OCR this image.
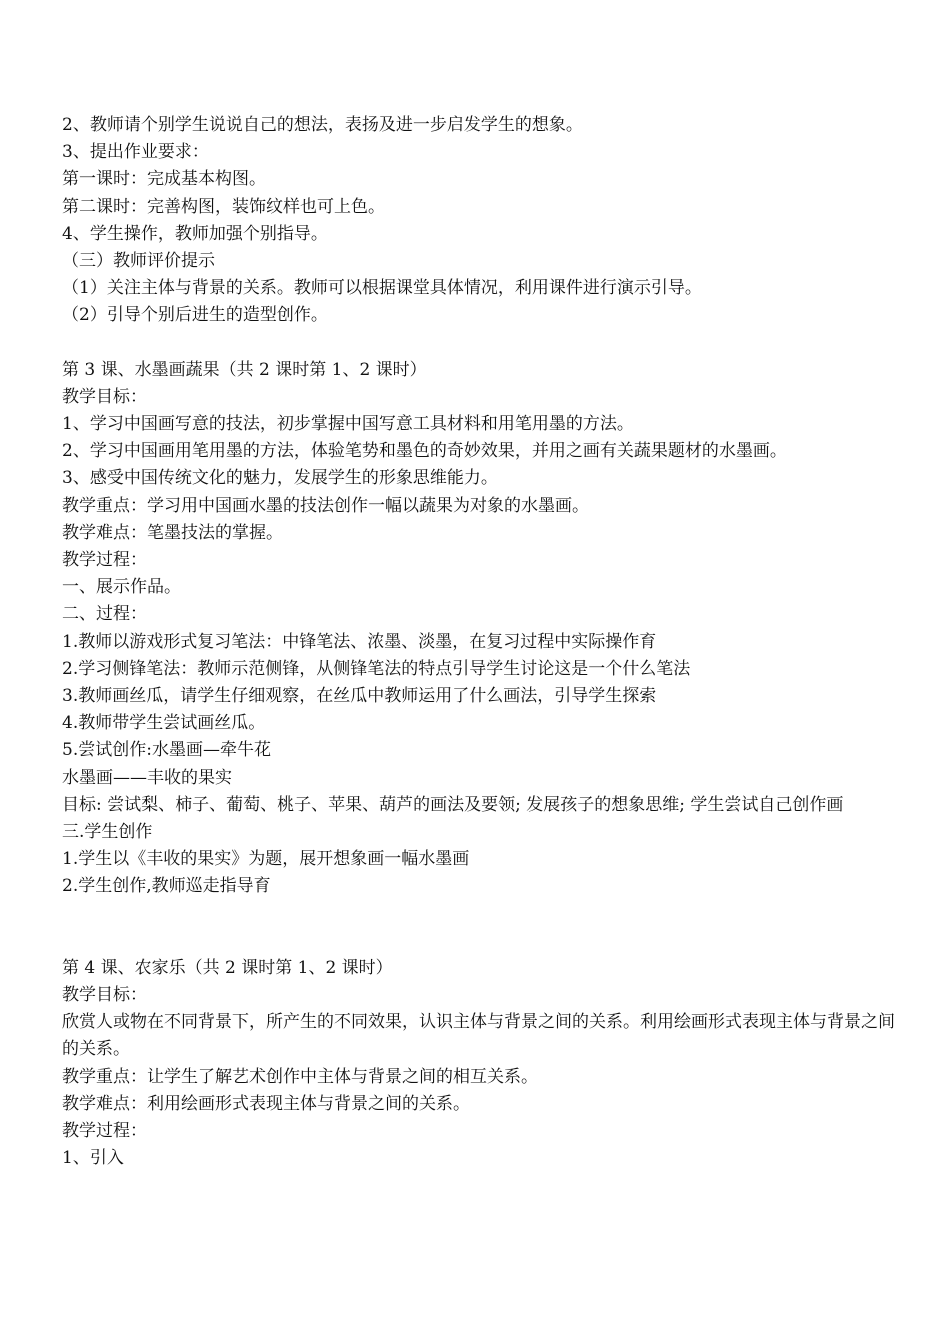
2、教师请个别学生说说自己的想法，表扬及进一步启发学生的想象。

3、提出作业要求：

第一课时：完成基本构图。

第二课时：完善构图，装饰纹样也可上色。

4、学生操作，教师加强个别指导。

（三）教师评价提示

（1）关注主体与背景的关系。教师可以根据课堂具体情况，利用课件进行演示引导。

（2）引导个别后进生的造型创作。

第 3 课、水墨画蔬果（共 2 课时第 1、2 课时）

教学目标：

1、学习中国画写意的技法，初步掌握中国写意工具材料和用笔用墨的方法。

2、学习中国画用笔用墨的方法，体验笔势和墨色的奇妙效果，并用之画有关蔬果题材的水墨画。

3、感受中国传统文化的魅力，发展学生的形象思维能力。

教学重点：学习用中国画水墨的技法创作一幅以蔬果为对象的水墨画。

教学难点：笔墨技法的掌握。

教学过程：

一、展示作品。

二、过程：

1.教师以游戏形式复习笔法：中锋笔法、浓墨、淡墨，在复习过程中实际操作育

2.学习侧锋笔法：教师示范侧锋，从侧锋笔法的特点引导学生讨论这是一个什么笔法

3.教师画丝瓜，请学生仔细观察，在丝瓜中教师运用了什么画法，引导学生探索

4.教师带学生尝试画丝瓜。

5.尝试创作:水墨画—牵牛花

水墨画——丰收的果实

目标: 尝试梨、柿子、葡萄、桃子、苹果、葫芦的画法及要领; 发展孩子的想象思维; 学生尝试自己创作画

三.学生创作

1.学生以《丰收的果实》为题，展开想象画一幅水墨画

2.学生创作,教师巡走指导育

第 4 课、农家乐（共 2 课时第 1、2 课时）

教学目标：

欣赏人或物在不同背景下，所产生的不同效果，认识主体与背景之间的关系。利用绘画形式表现主体与背景之间的关系。

教学重点：让学生了解艺术创作中主体与背景之间的相互关系。

教学难点：利用绘画形式表现主体与背景之间的关系。

教学过程：

1、引入
